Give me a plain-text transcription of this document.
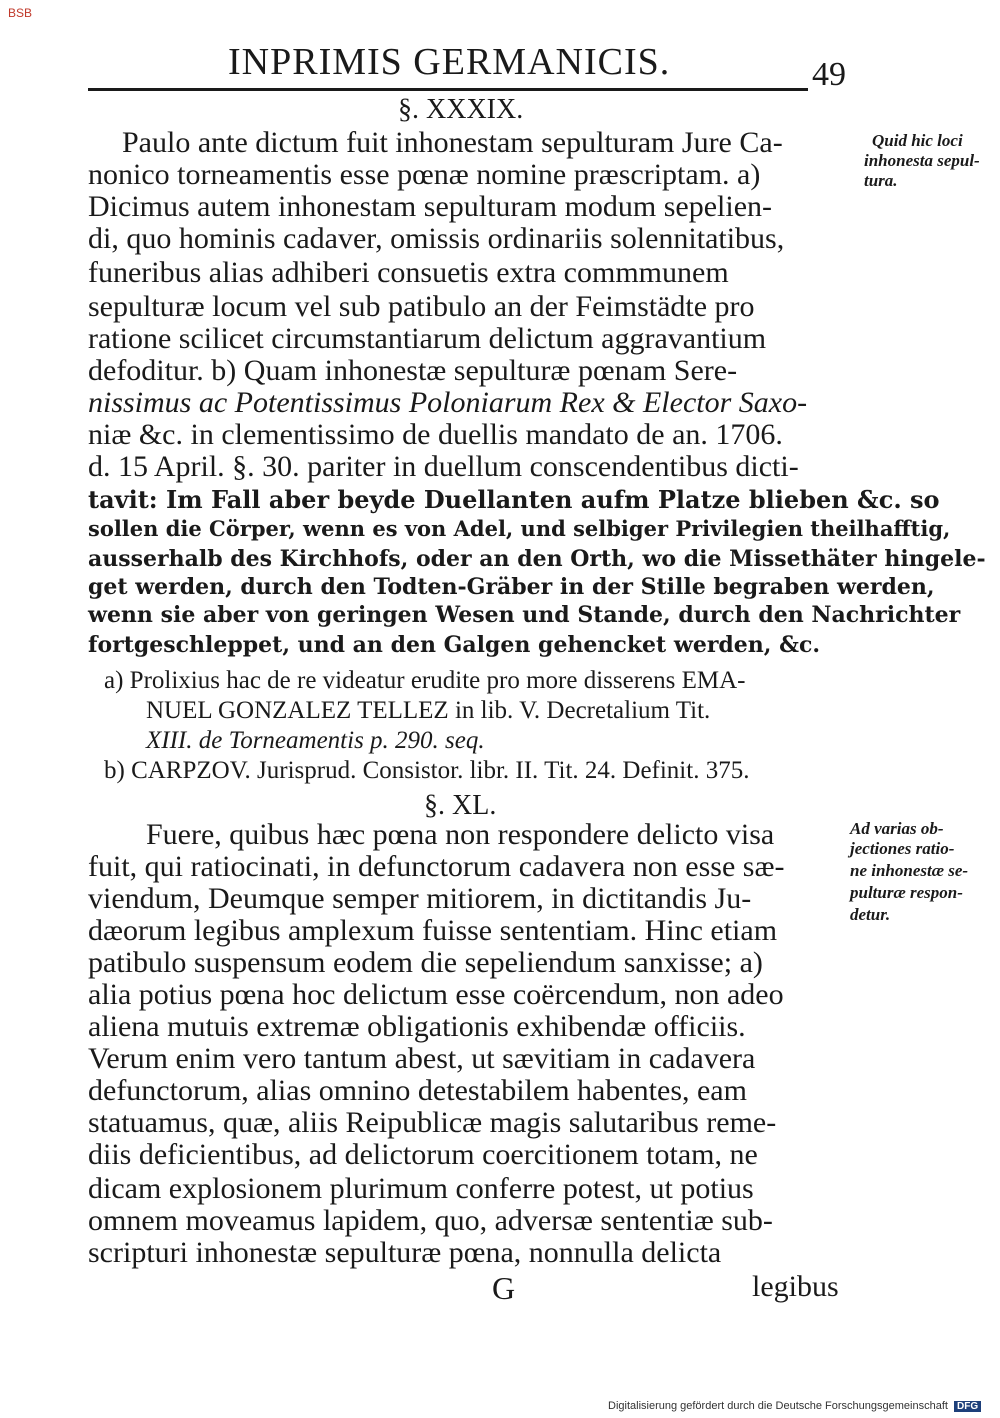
BSB
INPRIMIS GERMANICIS.	49
§. XXXIX.
Paulo ante dictum fuit inhonestam sepulturam Jure Ca-
nonico torneamentis esse pœnæ nomine præscriptam. a)
Dicimus autem inhonestam sepulturam modum sepelien-
di, quo hominis cadaver, omissis ordinariis solennitatibus,
funeribus alias adhiberi consuetis extra commmunem
sepulturæ locum vel sub patibulo an der Feimstädte pro
ratione scilicet circumstantiarum delictum aggravantium
defoditur. b) Quam inhonestæ sepulturæ pœnam Sere-
nissimus ac Potentissimus Poloniarum Rex & Elector Saxo-
niæ &c. in clementissimo de duellis mandato de an. 1706.
d. 15 April. §. 30. pariter in duellum conscendentibus dicti-
tavit: Im Fall aber beyde Duellanten aufm Platze blieben &c. so
sollen die Cörper, wenn es von Adel, und selbiger Privilegien theilhafftig,
ausserhalb des Kirchhofs, oder an den Orth, wo die Missethäter hingele-
get werden, durch den Todten-Gräber in der Stille begraben werden,
wenn sie aber von geringen Wesen und Stande, durch den Nachrichter
fortgeschleppet, und an den Galgen gehencket werden, &c.
a) Prolixius hac de re videatur erudite pro more disserens EMA-
NUEL GONZALEZ TELLEZ in lib. V. Decretalium Tit.
XIII. de Torneamentis p. 290. seq.
b) CARPZOV. Jurisprud. Consistor. libr. II. Tit. 24. Definit. 375.
§. XL.
Fuere, quibus hæc pœna non respondere delicto visa
fuit, qui ratiocinati, in defunctorum cadavera non esse sæ-
viendum, Deumque semper mitiorem, in dictitandis Ju-
dæorum legibus amplexum fuisse sententiam. Hinc etiam
patibulo suspensum eodem die sepeliendum sanxisse; a)
alia potius pœna hoc delictum esse coërcendum, non adeo
aliena mutuis extremæ obligationis exhibendæ officiis.
Verum enim vero tantum abest, ut sævitiam in cadavera
defunctorum, alias omnino detestabilem habentes, eam
statuamus, quæ, aliis Reipublicæ magis salutaribus reme-
diis deficientibus, ad delictorum coercitionem totam, ne
dicam explosionem plurimum conferre potest, ut potius
omnem moveamus lapidem, quo, adversæ sententiæ sub-
scripturi inhonestæ sepulturæ pœna, nonnulla delicta
Quid hic loci
inhonesta sepul-
tura.
Ad varias ob-
jectiones ratio-
ne inhonestæ se-
pulturæ respon-
detur.
G	legibus
Digitalisierung gefördert durch die Deutsche Forschungsgemeinschaft DFG
